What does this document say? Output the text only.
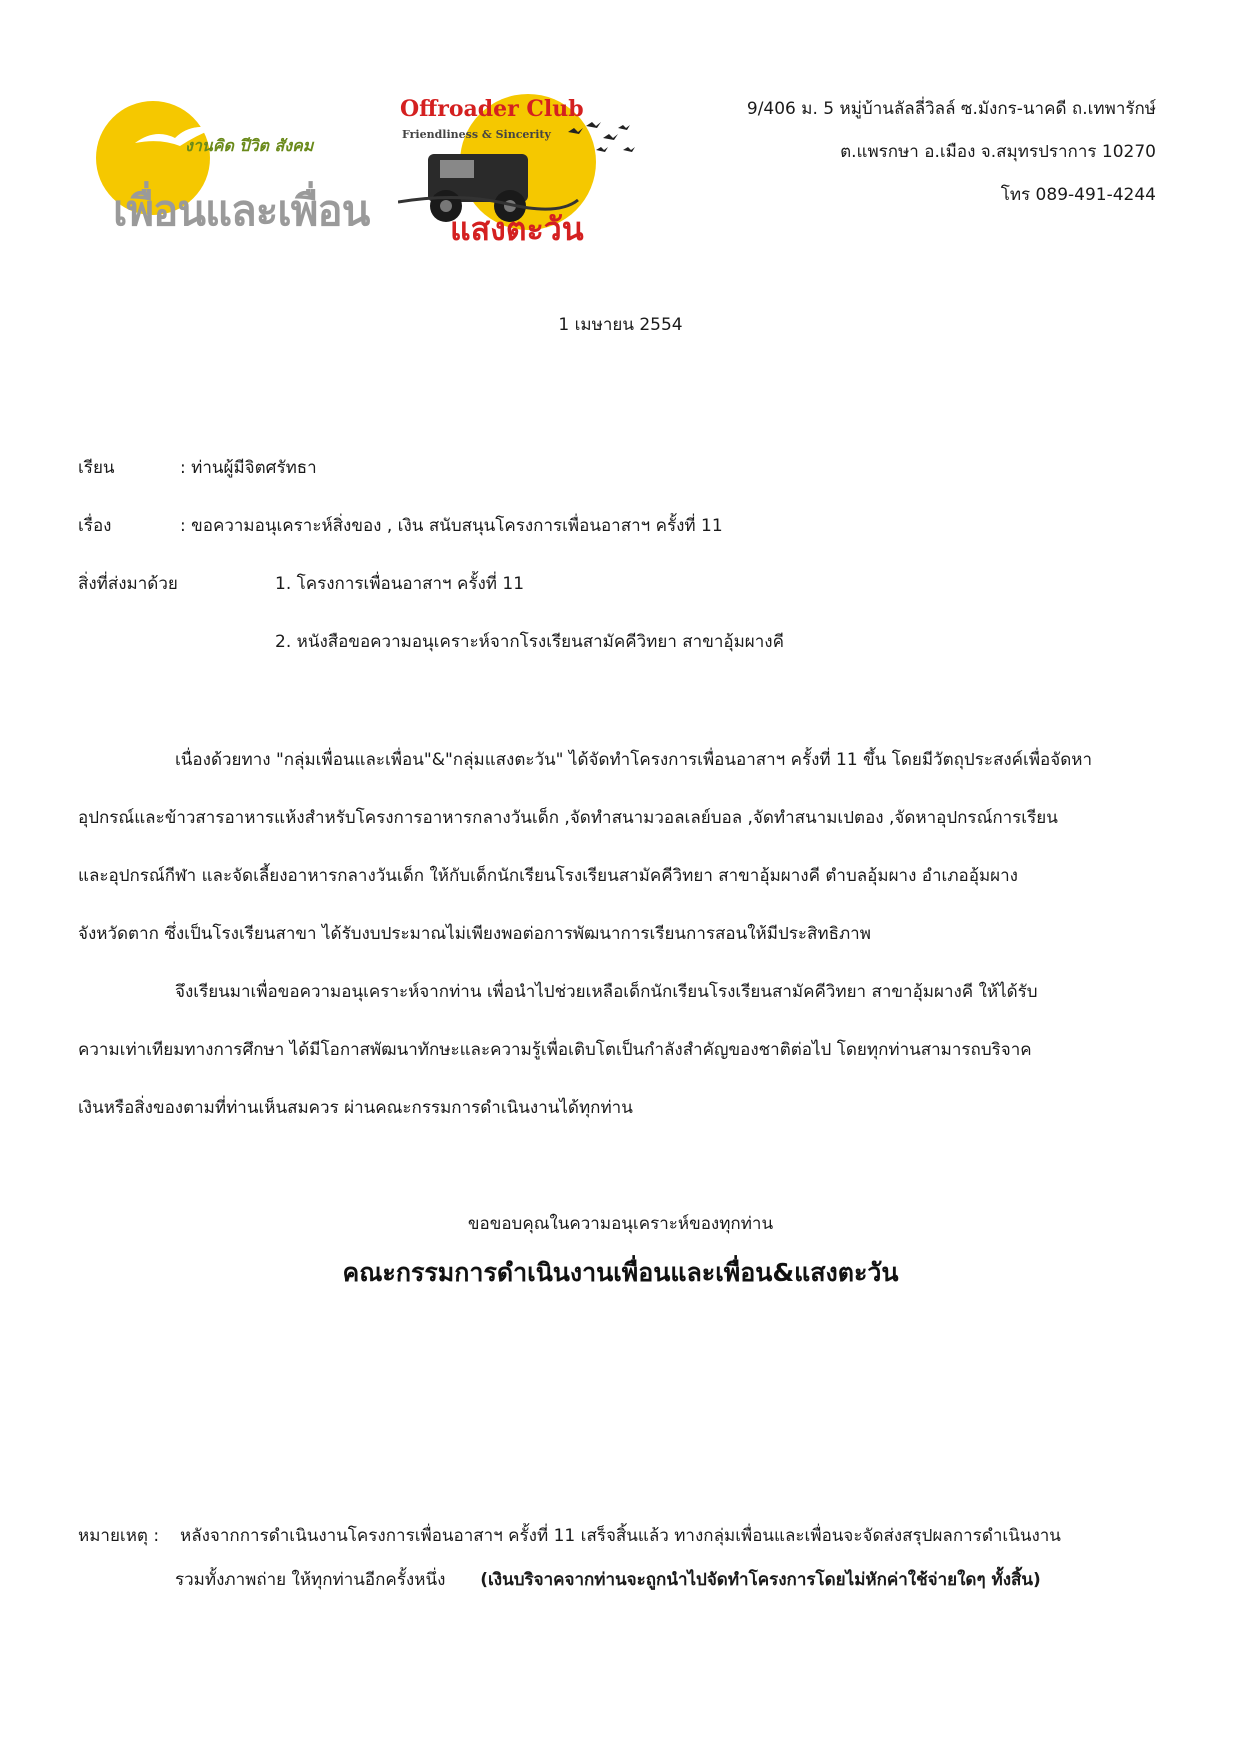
งานคิด ปีวิต สังคม
เพื่อนและเพื่อน
Offroader Club
Friendliness & Sincerity
แสงตะวัน
9/406 ม. 5 หมู่บ้านลัลลี่วิลล์ ซ.มังกร-นาคดี ถ.เทพารักษ์
ต.แพรกษา อ.เมือง จ.สมุทรปราการ 10270
โทร 089-491-4244
1 เมษายน 2554
เรียน	: ท่านผู้มีจิตศรัทธา
เรื่อง	: ขอความอนุเคราะห์สิ่งของ , เงิน สนับสนุนโครงการเพื่อนอาสาฯ ครั้งที่ 11
สิ่งที่ส่งมาด้วย	1. โครงการเพื่อนอาสาฯ ครั้งที่ 11
2. หนังสือขอความอนุเคราะห์จากโรงเรียนสามัคคีวิทยา สาขาอุ้มผางคี
เนื่องด้วยทาง "กลุ่มเพื่อนและเพื่อน"&"กลุ่มแสงตะวัน" ได้จัดทำโครงการเพื่อนอาสาฯ ครั้งที่ 11 ขึ้น โดยมีวัตถุประสงค์เพื่อจัดหา
อุปกรณ์และข้าวสารอาหารแห้งสำหรับโครงการอาหารกลางวันเด็ก ,จัดทำสนามวอลเลย์บอล ,จัดทำสนามเปตอง ,จัดหาอุปกรณ์การเรียน
และอุปกรณ์กีฬา และจัดเลี้ยงอาหารกลางวันเด็ก ให้กับเด็กนักเรียนโรงเรียนสามัคคีวิทยา สาขาอุ้มผางคี ตำบลอุ้มผาง อำเภออุ้มผาง
จังหวัดตาก ซึ่งเป็นโรงเรียนสาขา ได้รับงบประมาณไม่เพียงพอต่อการพัฒนาการเรียนการสอนให้มีประสิทธิภาพ
จึงเรียนมาเพื่อขอความอนุเคราะห์จากท่าน เพื่อนำไปช่วยเหลือเด็กนักเรียนโรงเรียนสามัคคีวิทยา สาขาอุ้มผางคี ให้ได้รับ
ความเท่าเทียมทางการศึกษา ได้มีโอกาสพัฒนาทักษะและความรู้เพื่อเติบโตเป็นกำลังสำคัญของชาติต่อไป โดยทุกท่านสามารถบริจาค
เงินหรือสิ่งของตามที่ท่านเห็นสมควร ผ่านคณะกรรมการดำเนินงานได้ทุกท่าน
ขอขอบคุณในความอนุเคราะห์ของทุกท่าน
คณะกรรมการดำเนินงานเพื่อนและเพื่อน&แสงตะวัน
หมายเหตุ : หลังจากการดำเนินงานโครงการเพื่อนอาสาฯ ครั้งที่ 11 เสร็จสิ้นแล้ว ทางกลุ่มเพื่อนและเพื่อนจะจัดส่งสรุปผลการดำเนินงาน
รวมทั้งภาพถ่าย ให้ทุกท่านอีกครั้งหนึ่ง (เงินบริจาคจากท่านจะถูกนำไปจัดทำโครงการโดยไม่หักค่าใช้จ่ายใดๆ ทั้งสิ้น)
